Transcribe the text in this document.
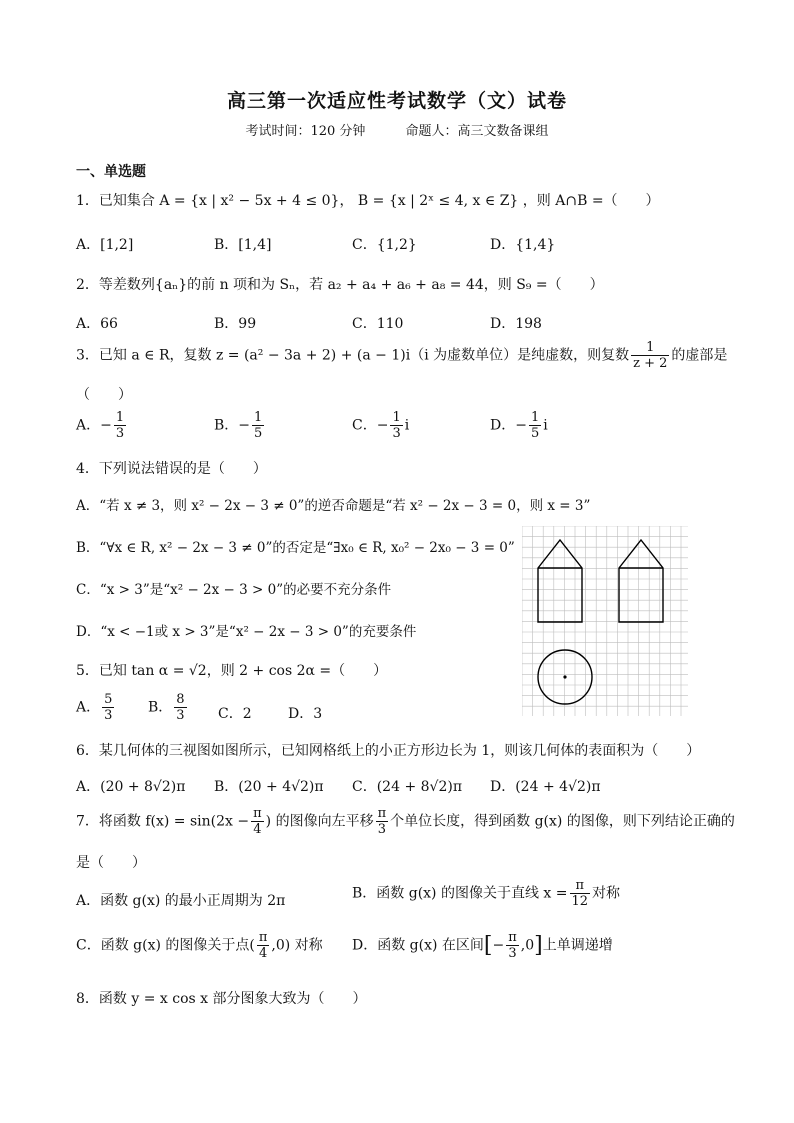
高三第一次适应性考试数学（文）试卷
考试时间：120 分钟	命题人：高三文数备课组
一、单选题
1．已知集合 A = {x | x² − 5x + 4 ≤ 0}， B = {x | 2ˣ ≤ 4, x ∈ Z} ，则 A∩B =（　　）
A．[1,2]	B．[1,4]	C．{1,2}	D．{1,4}
2．等差数列{aₙ}的前 n 项和为 Sₙ，若 a₂ + a₄ + a₆ + a₈ = 44，则 S₉ =（　　）
A．66	B．99	C．110	D．198
3．已知 a ∈ R，复数 z = (a² − 3a + 2) + (a − 1)i（i 为虚数单位）是纯虚数，则复数 $\frac{1}{z + 2}$ 的虚部是
（　　）
A．− $\frac{1}{3}$	B．− $\frac{1}{5}$	C．− $\frac{1}{3}$ i	D．− $\frac{1}{5}$ i
4．下列说法错误的是（　　）
A．“若 x ≠ 3，则 x² − 2x − 3 ≠ 0”的逆否命题是“若 x² − 2x − 3 = 0，则 x = 3”
B．“∀x ∈ R, x² − 2x − 3 ≠ 0”的否定是“∃x₀ ∈ R, x₀² − 2x₀ − 3 = 0”
C．“x > 3”是“x² − 2x − 3 > 0”的必要不充分条件
D．“x < −1或 x > 3”是“x² − 2x − 3 > 0”的充要条件
5．已知 tan α = √2，则 2 + cos 2α =（　　）
A． $\frac{5}{3}$ B． $\frac{8}{3}$ C．2	D．3
6．某几何体的三视图如图所示，已知网格纸上的小正方形边长为 1，则该几何体的表面积为（　　）
A．(20 + 8√2)π B．(20 + 4√2)π C．(24 + 8√2)π D．(24 + 4√2)π
7．将函数 $f(x) = \sin(2x - \frac{\pi}{4}$ ) 的图像向左平移 $\frac{\pi}{3}$ 个单位长度，得到函数 g(x) 的图像，则下列结论正确的
是（　　）
A．函数 g(x) 的最小正周期为 2π	B．函数 g(x) 的图像关于直线 $x = \frac{\pi}{12}$ 对称
C．函数 g(x) 的图像关于点( $\frac{\pi}{4} ,0$) 对称 D．函数 g(x) 在区间[− $\frac{\pi}{3} ,0$]上单调递增
8．函数 y = x cos x 部分图象大致为（　　）
